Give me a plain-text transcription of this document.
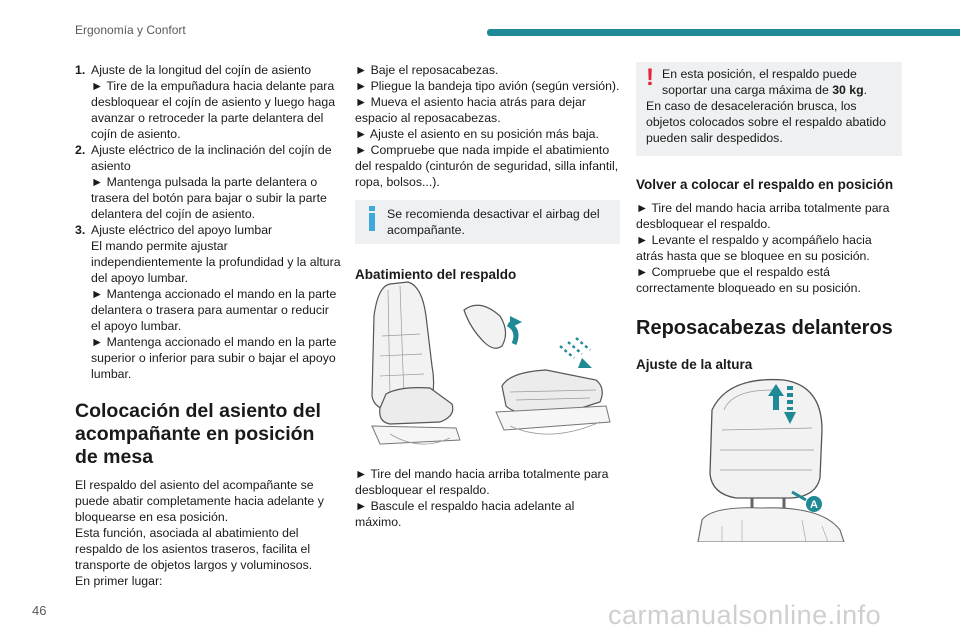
Ergonomía y Confort
1. Ajuste de la longitud del cojín de asiento

► Tire de la empuñadura hacia delante para desbloquear el cojín de asiento y luego haga avanzar o retroceder la parte delantera del cojín de asiento.

2. Ajuste eléctrico de la inclinación del cojín de asiento

► Mantenga pulsada la parte delantera o trasera del botón para bajar o subir la parte delantera del cojín de asiento.

3. Ajuste eléctrico del apoyo lumbar

El mando permite ajustar independientemente la profundidad y la altura del apoyo lumbar.

► Mantenga accionado el mando en la parte delantera o trasera para aumentar o reducir el apoyo lumbar.

► Mantenga accionado el mando en la parte superior o inferior para subir o bajar el apoyo lumbar.

Colocación del asiento del acompañante en posición de mesa

El respaldo del asiento del acompañante se puede abatir completamente hacia adelante y bloquearse en esa posición.

Esta función, asociada al abatimiento del respaldo de los asientos traseros, facilita el transporte de objetos largos y voluminosos.

En primer lugar:

► Baje el reposacabezas.

► Pliegue la bandeja tipo avión (según versión).

► Mueva el asiento hacia atrás para dejar espacio al reposacabezas.

► Ajuste el asiento en su posición más baja.

► Compruebe que nada impide el abatimiento del respaldo (cinturón de seguridad, silla infantil, ropa, bolsos...).

Se recomienda desactivar el airbag del acompañante.

Abatimiento del respaldo

► Tire del mando hacia arriba totalmente para desbloquear el respaldo.

► Bascule el respaldo hacia adelante al máximo.

! En esta posición, el respaldo puede soportar una carga máxima de 30 kg.

En caso de desaceleración brusca, los objetos colocados sobre el respaldo abatido pueden salir despedidos.

Volver a colocar el respaldo en posición

► Tire del mando hacia arriba totalmente para desbloquear el respaldo.

► Levante el respaldo y acompáñelo hacia atrás hasta que se bloquee en su posición.

► Compruebe que el respaldo está correctamente bloqueado en su posición.

Reposacabezas delanteros
Ajuste de la altura
A
46	carmanualsonline.info
